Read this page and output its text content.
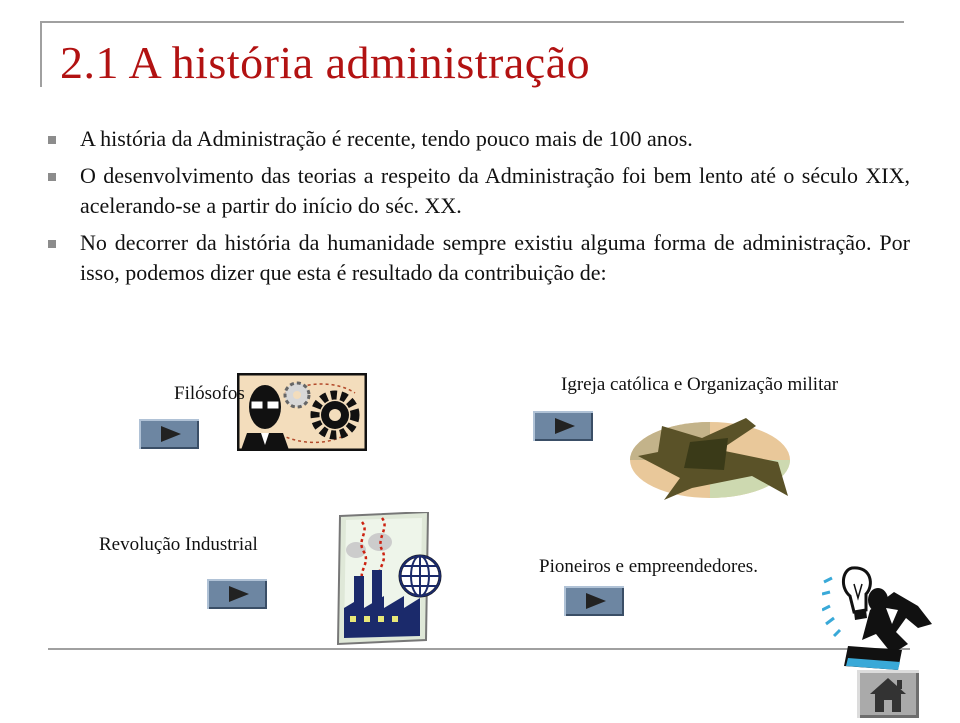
2.1 A história administração
A história da Administração é recente, tendo pouco mais de 100 anos.
O desenvolvimento das teorias a respeito da Administração foi bem lento até o século XIX, acelerando-se a partir do início do séc. XX.
No decorrer da história da humanidade sempre existiu alguma forma de administração. Por isso, podemos dizer que esta é resultado da contribuição de:
Filósofos	Igreja católica e Organização militar
Revolução Industrial
Pioneiros e empreendedores.
